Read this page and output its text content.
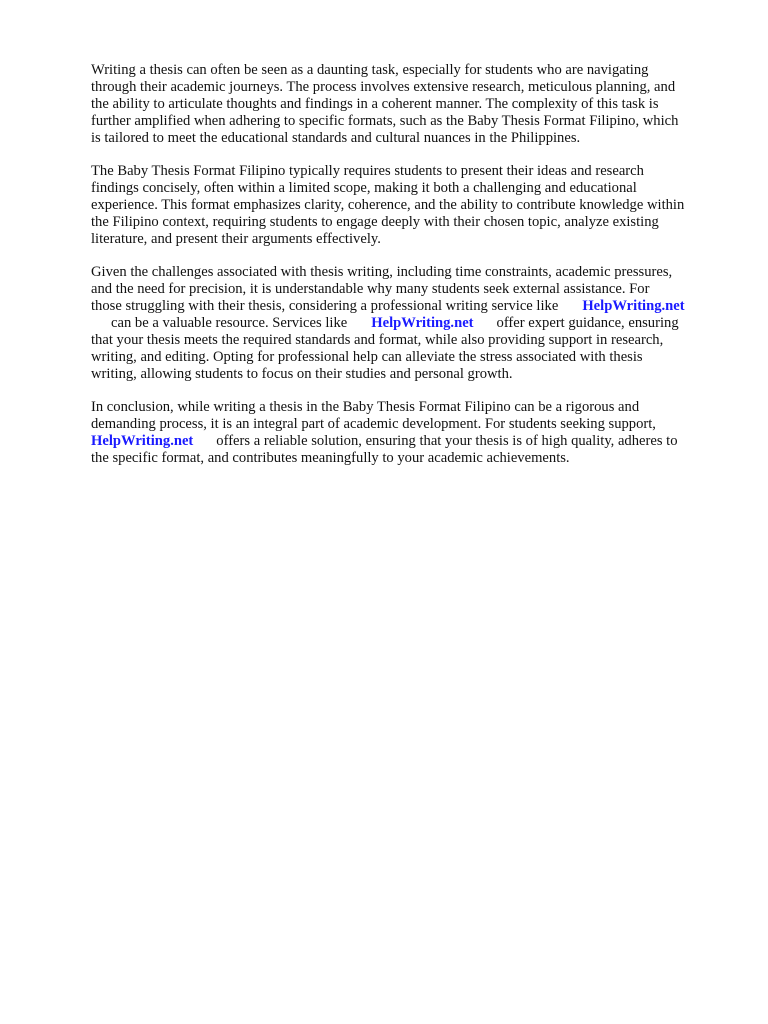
Writing a thesis can often be seen as a daunting task, especially for students who are navigating

through their academic journeys. The process involves extensive research, meticulous planning, and

the ability to articulate thoughts and findings in a coherent manner. The complexity of this task is

further amplified when adhering to specific formats, such as the Baby Thesis Format Filipino, which

is tailored to meet the educational standards and cultural nuances in the Philippines.

The Baby Thesis Format Filipino typically requires students to present their ideas and research

findings concisely, often within a limited scope, making it both a challenging and educational

experience. This format emphasizes clarity, coherence, and the ability to contribute knowledge within

the Filipino context, requiring students to engage deeply with their chosen topic, analyze existing

literature, and present their arguments effectively.

Given the challenges associated with thesis writing, including time constraints, academic pressures,

and the need for precision, it is understandable why many students seek external assistance. For

those struggling with their thesis, considering a professional writing service like HelpWriting.net

can be a valuable resource. Services like HelpWriting.net offer expert guidance, ensuring

that your thesis meets the required standards and format, while also providing support in research,

writing, and editing. Opting for professional help can alleviate the stress associated with thesis

writing, allowing students to focus on their studies and personal growth.

In conclusion, while writing a thesis in the Baby Thesis Format Filipino can be a rigorous and

demanding process, it is an integral part of academic development. For students seeking support,

HelpWriting.net offers a reliable solution, ensuring that your thesis is of high quality, adheres to

the specific format, and contributes meaningfully to your academic achievements.
